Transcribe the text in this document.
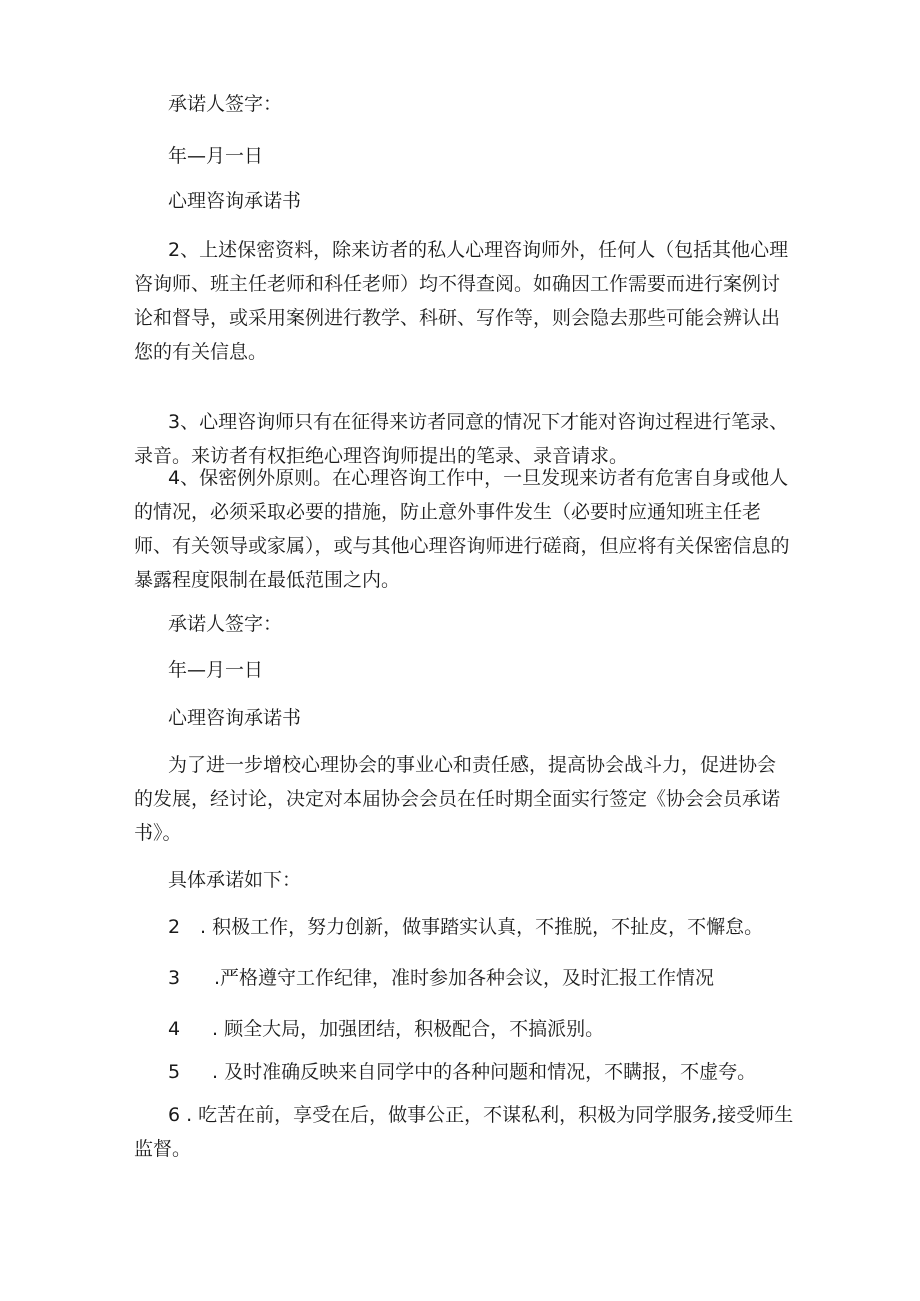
承诺人签字：
年—月一日
心理咨询承诺书
2、上述保密资料，除来访者的私人心理咨询师外，任何人（包括其他心理咨询师、班主任老师和科任老师）均不得查阅。如确因工作需要而进行案例讨论和督导，或采用案例进行教学、科研、写作等，则会隐去那些可能会辨认出您的有关信息。
3、心理咨询师只有在征得来访者同意的情况下才能对咨询过程进行笔录、录音。来访者有权拒绝心理咨询师提出的笔录、录音请求。
4、保密例外原则。在心理咨询工作中，一旦发现来访者有危害自身或他人的情况，必须采取必要的措施，防止意外事件发生（必要时应通知班主任老师、有关领导或家属），或与其他心理咨询师进行磋商，但应将有关保密信息的暴露程度限制在最低范围之内。
承诺人签字：
年—月一日
心理咨询承诺书
为了进一步增校心理协会的事业心和责任感，提高协会战斗力，促进协会的发展，经讨论，决定对本届协会会员在任时期全面实行签定《协会会员承诺书》。
具体承诺如下：
2 . 积极工作，努力创新，做事踏实认真，不推脱，不扯皮，不懈怠。
3 .严格遵守工作纪律，准时参加各种会议，及时汇报工作情况
4 . 顾全大局，加强团结，积极配合，不搞派别。
5 . 及时准确反映来自同学中的各种问题和情况，不瞒报，不虚夸。
6 . 吃苦在前，享受在后，做事公正，不谋私利，积极为同学服务,接受师生监督。
